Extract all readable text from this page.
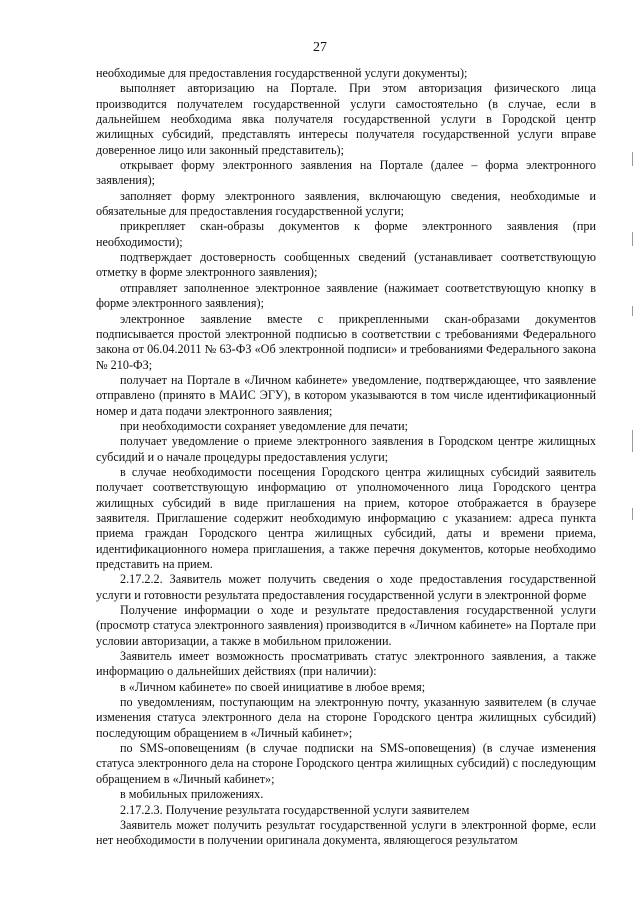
27

необходимые для предоставления государственной услуги документы);

выполняет авторизацию на Портале. При этом авторизация физического лица производится получателем государственной услуги самостоятельно (в случае, если в дальнейшем необходима явка получателя государственной услуги в Городской центр жилищных субсидий, представлять интересы получателя государственной услуги вправе доверенное лицо или законный представитель);

открывает форму электронного заявления на Портале (далее – форма электронного заявления);

заполняет форму электронного заявления, включающую сведения, необходимые и обязательные для предоставления государственной услуги;

прикрепляет скан-образы документов к форме электронного заявления (при необходимости);

подтверждает достоверность сообщенных сведений (устанавливает соответствующую отметку в форме электронного заявления);

отправляет заполненное электронное заявление (нажимает соответствующую кнопку в форме электронного заявления);

электронное заявление вместе с прикрепленными скан-образами документов подписывается простой электронной подписью в соответствии с требованиями Федерального закона от 06.04.2011 № 63-ФЗ «Об электронной подписи» и требованиями Федерального закона № 210-ФЗ;

получает на Портале в «Личном кабинете» уведомление, подтверждающее, что заявление отправлено (принято в МАИС ЭГУ), в котором указываются в том числе идентификационный номер и дата подачи электронного заявления;

при необходимости сохраняет уведомление для печати;

получает уведомление о приеме электронного заявления в Городском центре жилищных субсидий и о начале процедуры предоставления услуги;

в случае необходимости посещения Городского центра жилищных субсидий заявитель получает соответствующую информацию от уполномоченного лица Городского центра жилищных субсидий в виде приглашения на прием, которое отображается в браузере заявителя. Приглашение содержит необходимую информацию с указанием: адреса пункта приема граждан Городского центра жилищных субсидий, даты и времени приема, идентификационного номера приглашения, а также перечня документов, которые необходимо представить на прием.

2.17.2.2. Заявитель может получить сведения о ходе предоставления государственной услуги и готовности результата предоставления государственной услуги в электронной форме

Получение информации о ходе и результате предоставления государственной услуги (просмотр статуса электронного заявления) производится в «Личном кабинете» на Портале при условии авторизации, а также в мобильном приложении.

Заявитель имеет возможность просматривать статус электронного заявления, а также информацию о дальнейших действиях (при наличии):

в «Личном кабинете» по своей инициативе в любое время;

по уведомлениям, поступающим на электронную почту, указанную заявителем (в случае изменения статуса электронного дела на стороне Городского центра жилищных субсидий) последующим обращением в «Личный кабинет»;

по SMS-оповещениям (в случае подписки на SMS-оповещения) (в случае изменения статуса электронного дела на стороне Городского центра жилищных субсидий) с последующим обращением в «Личный кабинет»;

в мобильных приложениях.

2.17.2.3. Получение результата государственной услуги заявителем

Заявитель может получить результат государственной услуги в электронной форме, если нет необходимости в получении оригинала документа, являющегося результатом
